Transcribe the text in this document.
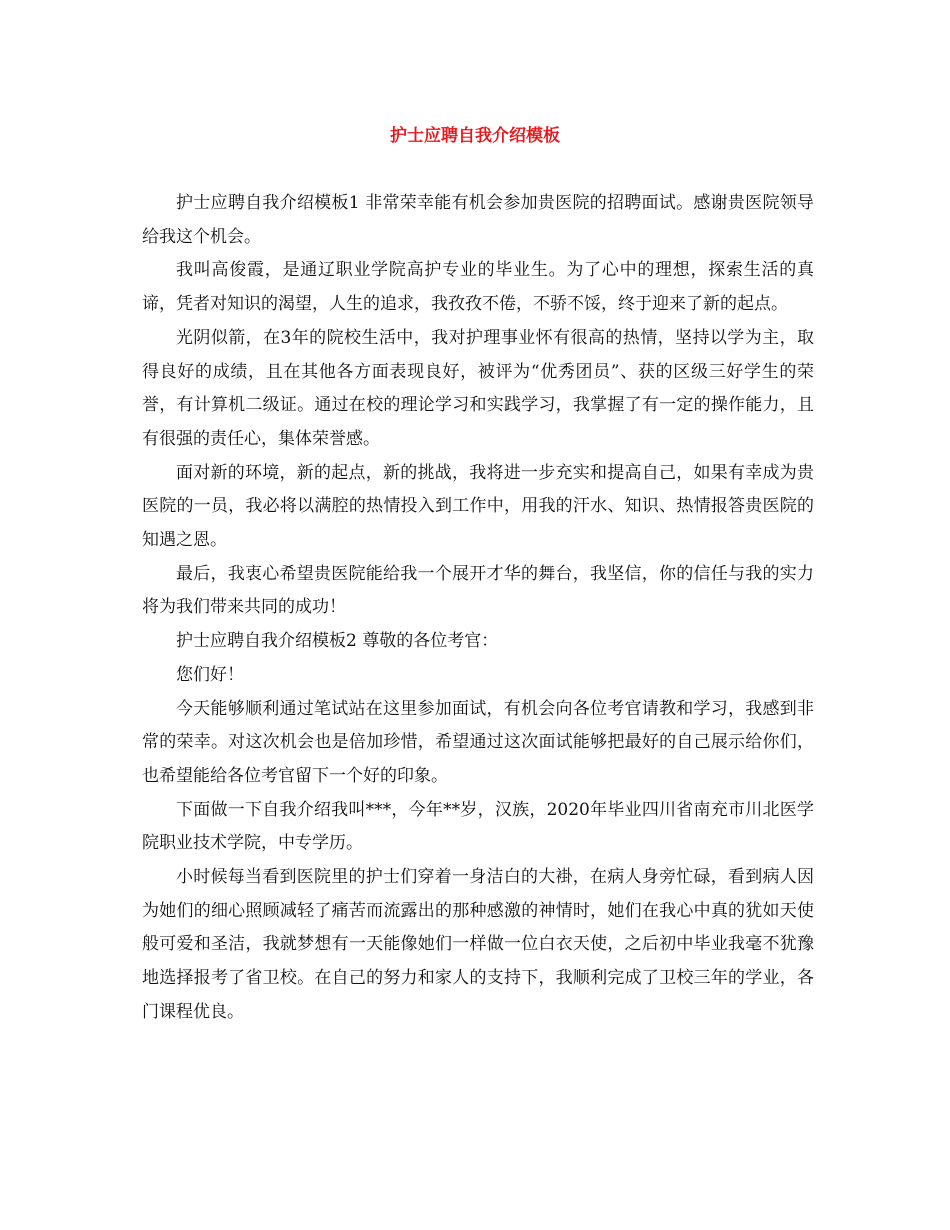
护士应聘自我介绍模板

护士应聘自我介绍模板1 非常荣幸能有机会参加贵医院的招聘面试。感谢贵医院领导给我这个机会。

我叫高俊霞，是通辽职业学院高护专业的毕业生。为了心中的理想，探索生活的真谛，凭者对知识的渴望，人生的追求，我孜孜不倦，不骄不馁，终于迎来了新的起点。

光阴似箭，在3年的院校生活中，我对护理事业怀有很高的热情，坚持以学为主，取得良好的成绩，且在其他各方面表现良好，被评为“优秀团员”、获的区级三好学生的荣誉，有计算机二级证。通过在校的理论学习和实践学习，我掌握了有一定的操作能力，且有很强的责任心，集体荣誉感。

面对新的环境，新的起点，新的挑战，我将进一步充实和提高自己，如果有幸成为贵医院的一员，我必将以满腔的热情投入到工作中，用我的汗水、知识、热情报答贵医院的知遇之恩。

最后，我衷心希望贵医院能给我一个展开才华的舞台，我坚信，你的信任与我的实力将为我们带来共同的成功！

护士应聘自我介绍模板2 尊敬的各位考官：

您们好！

今天能够顺利通过笔试站在这里参加面试，有机会向各位考官请教和学习，我感到非常的荣幸。对这次机会也是倍加珍惜，希望通过这次面试能够把最好的自己展示给你们，也希望能给各位考官留下一个好的印象。

下面做一下自我介绍我叫***，今年**岁，汉族，2020年毕业四川省南充市川北医学院职业技术学院，中专学历。

小时候每当看到医院里的护士们穿着一身洁白的大褂，在病人身旁忙碌，看到病人因为她们的细心照顾减轻了痛苦而流露出的那种感激的神情时，她们在我心中真的犹如天使般可爱和圣洁，我就梦想有一天能像她们一样做一位白衣天使，之后初中毕业我毫不犹豫地选择报考了省卫校。在自己的努力和家人的支持下，我顺利完成了卫校三年的学业，各门课程优良。
